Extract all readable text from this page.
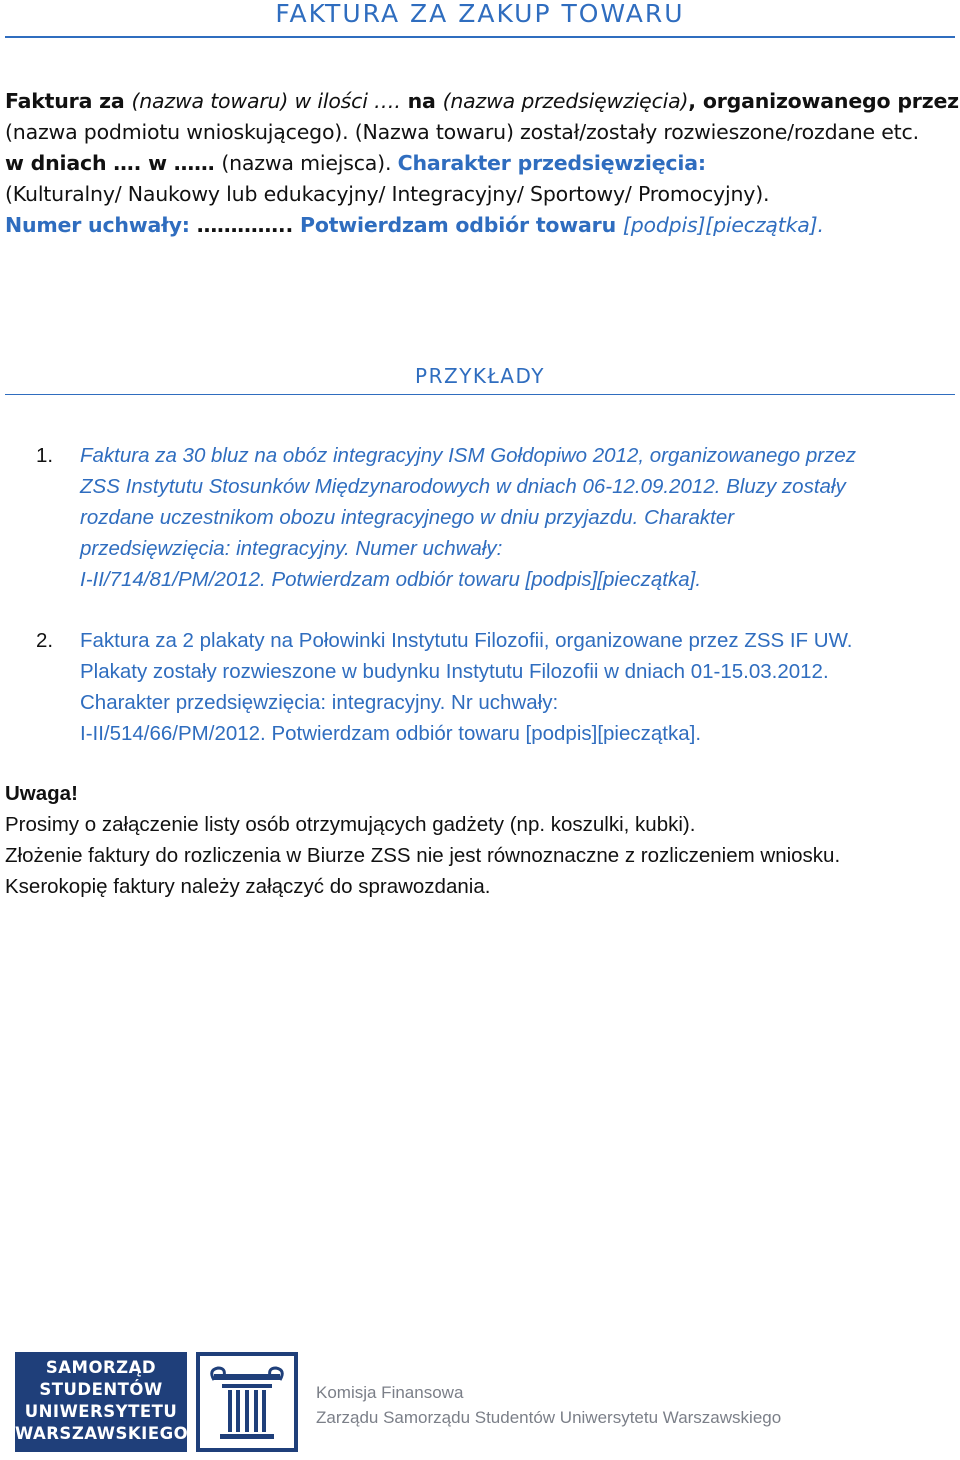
FAKTURA ZA ZAKUP TOWARU
Faktura za (nazwa towaru) w ilości …. na (nazwa przedsięwzięcia), organizowanego przez
(nazwa podmiotu wnioskującego). (Nazwa towaru) został/zostały rozwieszone/rozdane etc.
w dniach …. w …… (nazwa miejsca). Charakter przedsięwzięcia:
(Kulturalny/ Naukowy lub edukacyjny/ Integracyjny/ Sportowy/ Promocyjny).
Numer uchwały: ………….. Potwierdzam odbiór towaru [podpis][pieczątka].
PRZYKŁADY
1. Faktura za 30 bluz na obóz integracyjny ISM Gołdopiwo 2012, organizowanego przez
ZSS Instytutu Stosunków Międzynarodowych w dniach 06-12.09.2012. Bluzy zostały
rozdane uczestnikom obozu integracyjnego w dniu przyjazdu. Charakter
przedsięwzięcia: integracyjny. Numer uchwały:
I-II/714/81/PM/2012. Potwierdzam odbiór towaru [podpis][pieczątka].
2. Faktura za 2 plakaty na Połowinki Instytutu Filozofii, organizowane przez ZSS IF UW.
Plakaty zostały rozwieszone w budynku Instytutu Filozofii w dniach 01-15.03.2012.
Charakter przedsięwzięcia: integracyjny. Nr uchwały:
I-II/514/66/PM/2012. Potwierdzam odbiór towaru [podpis][pieczątka].
Uwaga!
Prosimy o załączenie listy osób otrzymujących gadżety (np. koszulki, kubki).
Złożenie faktury do rozliczenia w Biurze ZSS nie jest równoznaczne z rozliczeniem wniosku.
Kserokopię faktury należy załączyć do sprawozdania.
SAMORZĄD
STUDENTÓW
UNIWERSYTETU
WARSZAWSKIEGO
Komisja Finansowa
Zarządu Samorządu Studentów Uniwersytetu Warszawskiego
